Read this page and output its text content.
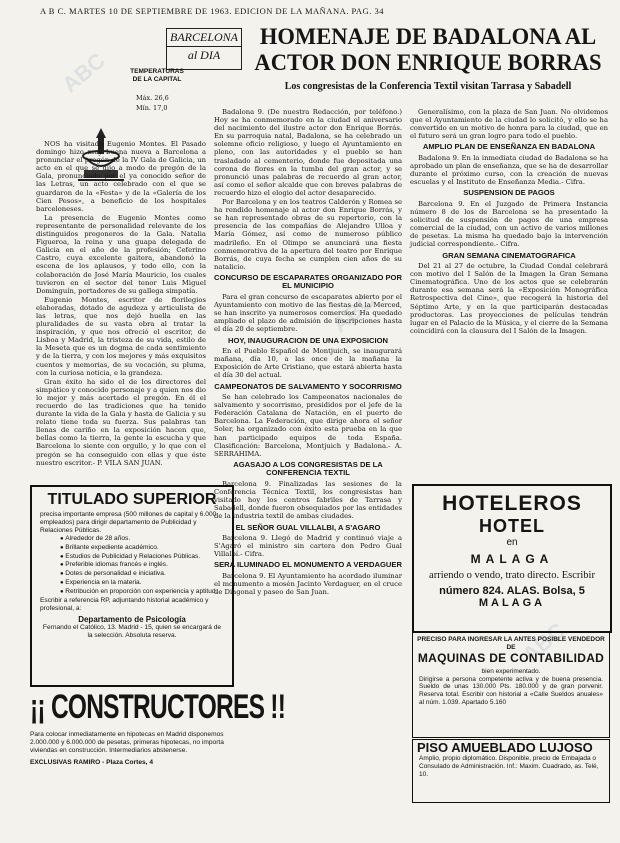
A B C. MARTES 10 DE SEPTIEMBRE DE 1963. EDICION DE LA MAÑANA. PAG. 34
ABC
ABC
ABC
BARCELONA
al DIA
HOMENAJE DE BADALONA AL ACTOR DON ENRIQUE BORRAS
Los congresistas de la Conferencia Textil visitan Tarrasa y Sabadell
TEMPERATURAS DE LA CAPITAL
Máx. 26,6
Mín. 17,0

NOS ha visitado Eugenio Montes. El Pasado domingo hizo muy buena nueva a Barcelona a pronunciar el pregón de la IV Gala de Galicia, un acto en el que se dijo a modo de pregón de la Gala, pronunciado por el ya conocido señor de las Letras, un acto celebrado con el que se guardaron de la «Festa» y de la «Galería de los Cien Pesos», a beneficio de los hospitales barceloneses.

La presencia de Eugenio Montes como representante de personalidad relevante de los distinguidos pregoneros de la Gala. Natalia Figueroa, la reina y una guapa delegada de Galicia en el año de la profesión; Ceferino Castro, cuya excelente gaitera, abandonó la escena de los aplausos, y todo ello, con la colaboración de José María Mauricio, los cuales tuvieron en el sector del tenor Luis Miguel Dominguín, portadores de su gallega simpatía.

Eugenio Montes, escritor de florilegios elaboradas, dotado de agudeza y articulista de las letras, que nos dejó huella en las pluralidades de su vasta obra al tratar la inspiración, y que nos ofreció el escritor, de Lisboa y Madrid, la tristeza de su vida, estilo de la Meseta que es un dogma de cada sentimiento y de la tierra, y con los mejores y más exquisitos cuentos y memorias, de su vocación, su pluma, con la curiosa noticia, e la grandeza.

Gran éxito ha sido el de los directores del simpático y conocido personaje y a quien nos dio lo mejor y más acertado el pregón. En él el recuerdo de las tradiciones que ha tenido durante la vida de la Gala y hasta de Galicia y su relato tiene toda su fuerza. Sus palabras tan llenas de cariño en la exposición hacen que, bellas como la tierra, la gente la escucha y que Barcelona lo siente con orgullo, y lo que con el pregón se ha conseguido con ellas y que éste nuestro escritor.- P. VILA SAN JUAN.

Badalona 9. (De nuestra Redacción, por teléfono.) Hoy se ha conmemorado en la ciudad el aniversario del nacimiento del ilustre actor don Enrique Borrás. En su parroquia natal, Badalona, se ha celebrado un solemne oficio religioso, y luego el Ayuntamiento en pleno, con las autoridades y el pueblo se han trasladado al cementerio, donde fue depositada una corona de flores en la tumba del gran actor, y se pronunció unas palabras de recuerdo al gran actor, así como el señor alcalde que con breves palabras de recuerdo hizo el elogio del actor desaparecido.

Por Barcelona y en los teatros Calderón y Romea se ha rendido homenaje al actor don Enrique Borrás, y se han representado obras de su repertorio, con la presencia de las compañías de Alejandro Ulloa y María Gómez, así como de numeroso público madrileño. En el Olimpo se anunciará una fiesta conmemorativa de la apertura del teatro por Enrique Borrás, de cuya fecha se cumplen cien años de su natalicio.

CONCURSO DE ESCAPARATES ORGANIZADO POR EL MUNICIPIO

Para el gran concurso de escaparates abierto por el Ayuntamiento con motivo de las fiestas de la Merced, se han inscrito ya numerosos comercios. Ha quedado ampliado el plazo de admisión de inscripciones hasta el día 20 de septiembre.

HOY, INAUGURACION DE UNA EXPOSICION

En el Pueblo Español de Montjuich, se inaugurará mañana, día 10, a las once de la mañana la Exposición de Arte Cristiano, que estará abierta hasta el día 30 del actual.

CAMPEONATOS DE SALVAMENTO Y SOCORRISMO

Se han celebrado los Campeonatos nacionales de salvamento y socorrismo, presididos por el jefe de la Federación Catalana de Natación, en el puerto de Barcelona. La Federación, que dirige ahora el señor Soler, ha organizado con éxito esta prueba en la que han participado equipos de toda España. Clasificación: Barcelona, Montjuich y Badalona.- A. SERRAHIMA.

AGASAJO A LOS CONGRESISTAS DE LA CONFERENCIA TEXTIL

Barcelona 9. Finalizadas las sesiones de la Conferencia Técnica Textil, los congresistas han visitado hoy los centros fabriles de Tarrasa y Sabadell, donde fueron obsequiados por las entidades de la industria textil de ambas ciudades.

EL SEÑOR GUAL VILLALBI, A S'AGARO

Barcelona 9. Llegó de Madrid y continuó viaje a S'Agaró el ministro sin cartera don Pedro Gual Villalbí.- Cifra.

SERA ILUMINADO EL MONUMENTO A VERDAGUER

Barcelona 9. El Ayuntamiento ha acordado iluminar el monumento a mosén Jacinto Verdaguer, en el cruce de Diagonal y paseo de San Juan.

Generalísimo, con la plaza de San Juan. No olvidemos que el Ayuntamiento de la ciudad lo solicitó, y ello se ha convertido en un motivo de honra para la ciudad, que en el futuro será un gran logro para todo el pueblo.

AMPLIO PLAN DE ENSEÑANZA EN BADALONA

Badalona 9. En la inmediata ciudad de Badalona se ha aprobado un plan de enseñanza, que se ha de desarrollar durante el próximo curso, con la creación de nuevas escuelas y el Instituto de Enseñanza Media.- Cifra.

SUSPENSION DE PAGOS

Barcelona 9. En el Juzgado de Primera Instancia número 8 de los de Barcelona se ha presentado la solicitud de suspensión de pagos de una empresa comercial de la ciudad, con un activo de varios millones de pesetas. La misma ha quedado bajo la intervención judicial correspondiente.- Cifra.

GRAN SEMANA CINEMATOGRAFICA

Del 21 al 27 de octubre, la Ciudad Condal celebrará con motivo del I Salón de la Imagen la Gran Semana Cinematográfica. Uno de los actos que se celebrarán durante esa semana será la «Exposición Monográfica Retrospectiva del Cine», que recogerá la historia del Séptimo Arte, y en la que participarán destacadas productoras. Las proyecciones de películas tendrán lugar en el Palacio de la Música, y el cierre de la Semana coincidirá con la clausura del I Salón de la Imagen.

TITULADO SUPERIOR
precisa importante empresa (500 millones de capital y 6.000 empleados) para dirigir departamento de Publicidad y Relaciones Públicas.
● Alrededor de 28 años.
● Brillante expediente académico.
● Estudios de Publicidad y Relaciones Públicas.
● Preferible idiomas francés e inglés.
● Dotes de personalidad e iniciativa.
● Experiencia en la materia.
● Retribución en proporción con experiencia y aptitud.
Escribir a referencia RP, adjuntando historial académico y profesional, a:
Departamento de Psicología
Fernando el Católico, 13. Madrid - 15, quien se encargará de la selección. Absoluta reserva.
¡¡ CONSTRUCTORES !!
Para colocar inmediatamente en hipotecas en Madrid disponemos 2.000.000 y 6.000.000 de pesetas, primeras hipotecas, no importa viviendas en construcción. Intermediarios abstenerse.
EXCLUSIVAS RAMIRO - Plaza Cortes, 4
HOTELEROS
HOTEL
en
MALAGA
arriendo o vendo, trato directo. Escribir
número 824. ALAS. Bolsa, 5
MALAGA
PRECISO PARA INGRESAR LA ANTES POSIBLE VENDEDOR DE
MAQUINAS DE CONTABILIDAD
bien experimentado.
Dirigirse a persona competente activa y de buena presencia. Sueldo de unas 130.000 Pts. 180.000 y de gran porvenir. Reserva total. Escribir con historial a «Calle Sueldos anuales» al núm. 1.039. Apartado 5.160
PISO AMUEBLADO LUJOSO
Amplio, propio diplomático. Disponible, precio de Embajada o Consulado de Administración. Inf.: Maxim. Cuadrado, as. Telé, 10.
